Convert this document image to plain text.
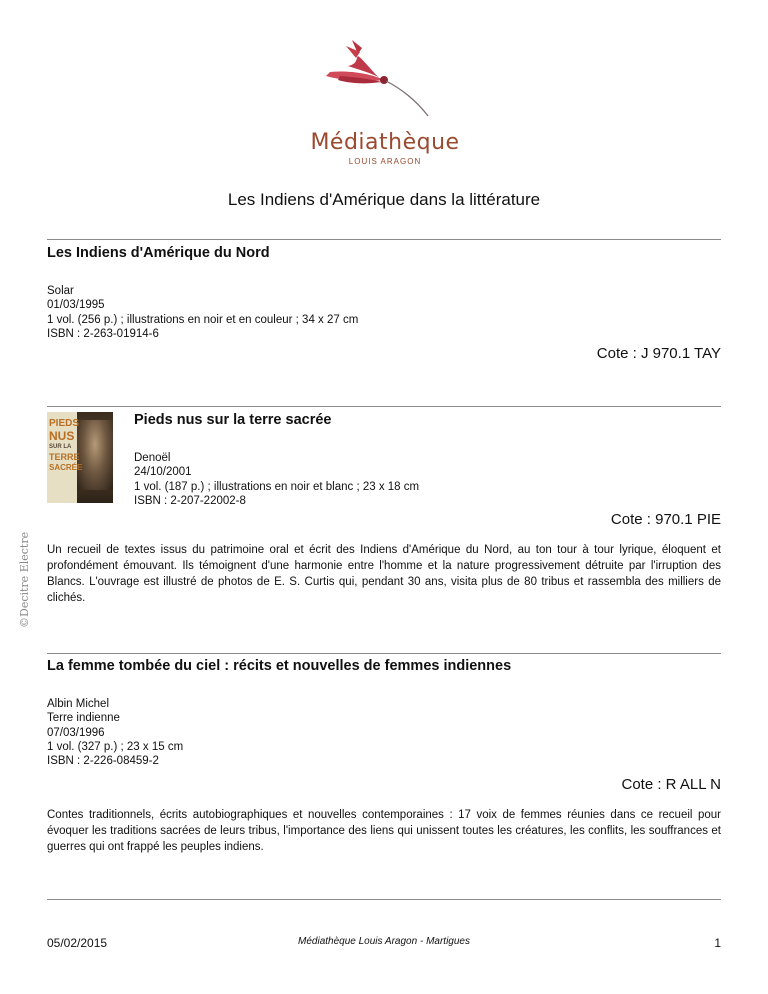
Médiathèque
LOUIS ARAGON
Les Indiens d'Amérique dans la littérature
Les Indiens d'Amérique du Nord
Solar
01/03/1995
1 vol. (256 p.) ; illustrations en noir et en couleur ; 34 x 27 cm
ISBN : 2-263-01914-6
Cote : J 970.1 TAY
PIEDS
NUS
SUR LA
TERRE
SACRÉE
Pieds nus sur la terre sacrée
Denoël
24/10/2001
1 vol. (187 p.) ; illustrations en noir et blanc ; 23 x 18 cm
ISBN : 2-207-22002-8
Cote : 970.1 PIE
Un recueil de textes issus du patrimoine oral et écrit des Indiens d'Amérique du Nord, au ton tour à tour lyrique, éloquent et profondément émouvant. Ils témoignent d'une harmonie entre l'homme et la nature progressivement détruite par l'irruption des Blancs. L'ouvrage est illustré de photos de E. S. Curtis qui, pendant 30 ans, visita plus de 80 tribus et rassembla des milliers de clichés.
©Decitre Electre
La femme tombée du ciel : récits et nouvelles de femmes indiennes
Albin Michel
Terre indienne
07/03/1996
1 vol. (327 p.) ; 23 x 15 cm
ISBN : 2-226-08459-2
Cote : R ALL N
Contes traditionnels, écrits autobiographiques et nouvelles contemporaines : 17 voix de femmes réunies dans ce recueil pour évoquer les traditions sacrées de leurs tribus, l'importance des liens qui unissent toutes les créatures, les conflits, les souffrances et guerres qui ont frappé les peuples indiens.
05/02/2015	Médiathèque Louis Aragon - Martigues	1
